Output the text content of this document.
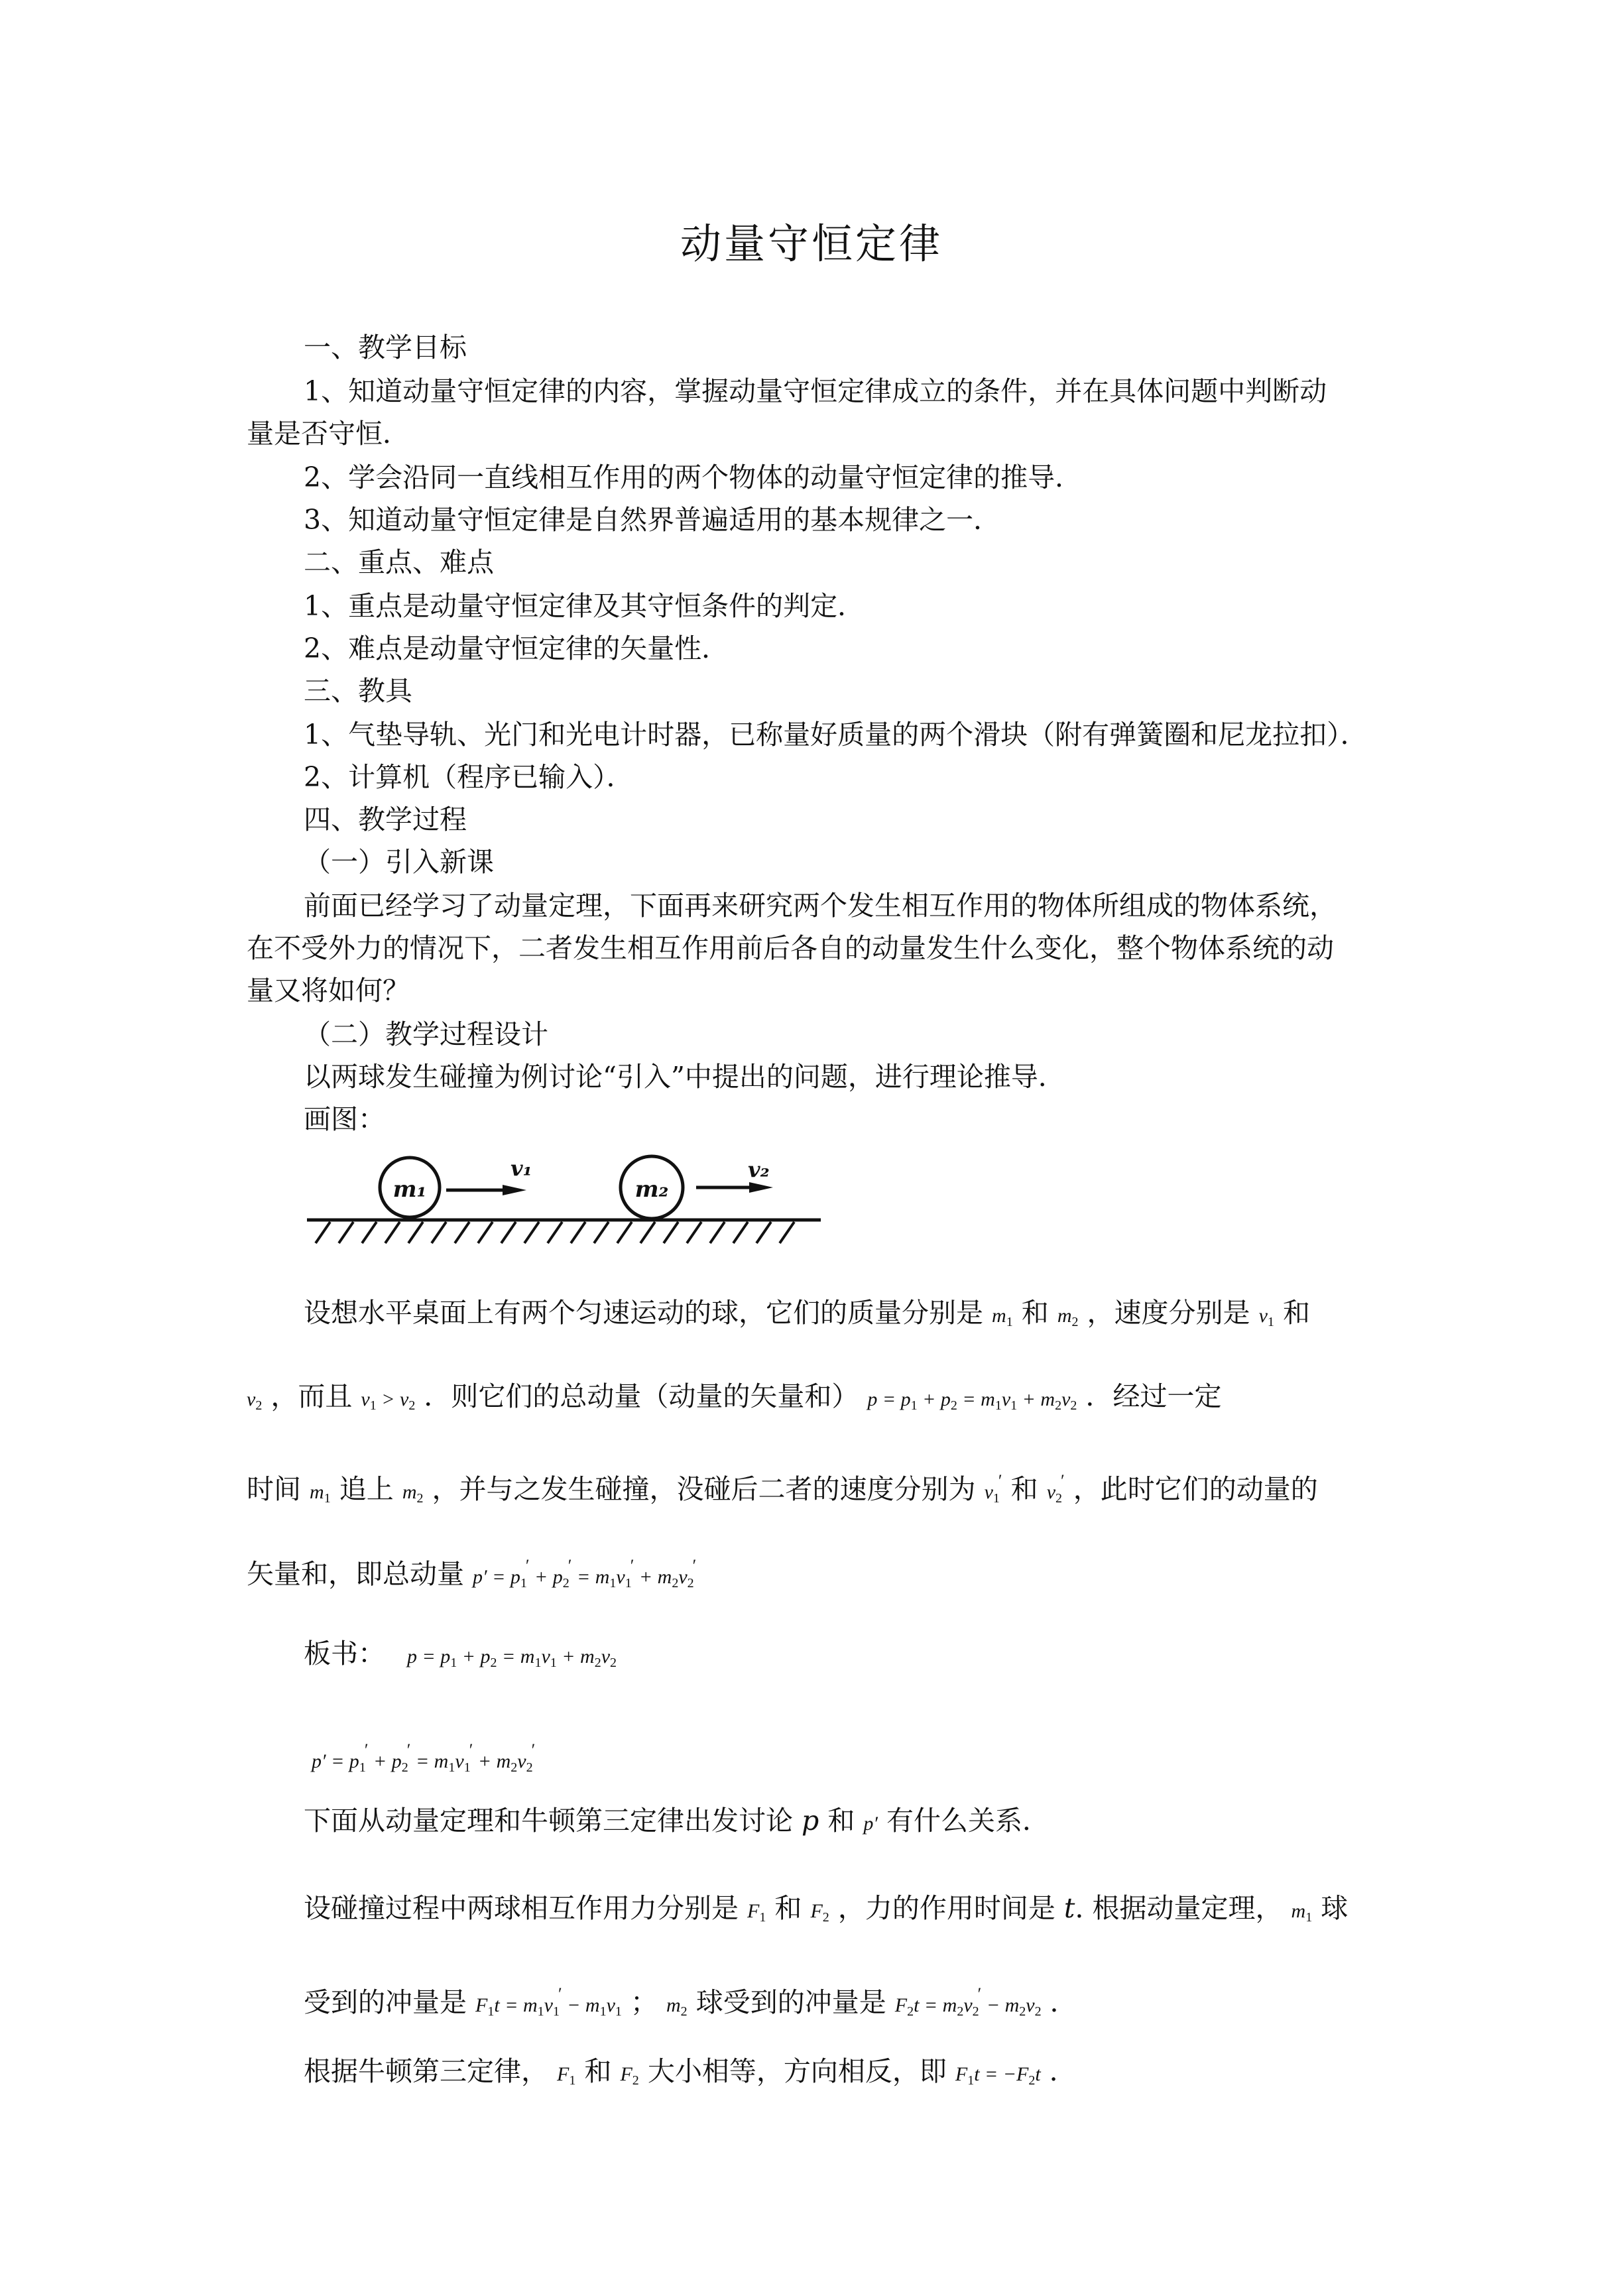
动量守恒定律
一、教学目标
1、知道动量守恒定律的内容，掌握动量守恒定律成立的条件，并在具体问题中判断动
量是否守恒．
2、学会沿同一直线相互作用的两个物体的动量守恒定律的推导．
3、知道动量守恒定律是自然界普遍适用的基本规律之一．
二、重点、难点
1、重点是动量守恒定律及其守恒条件的判定．
2、难点是动量守恒定律的矢量性．
三、教具
1、气垫导轨、光门和光电计时器，已称量好质量的两个滑块（附有弹簧圈和尼龙拉扣）．
2、计算机（程序已输入）．
四、教学过程
（一）引入新课
前面已经学习了动量定理，下面再来研究两个发生相互作用的物体所组成的物体系统，
在不受外力的情况下，二者发生相互作用前后各自的动量发生什么变化，整个物体系统的动
量又将如何？
（二）教学过程设计
以两球发生碰撞为例讨论“引入”中提出的问题，进行理论推导．
画图：
m₁
v₁
m₂
v₂
设想水平桌面上有两个匀速运动的球，它们的质量分别是 $m_1$ 和 $m_2$ ，速度分别是 $v_1$ 和
$v_2$ ，而且 $v_1 > v_2$ ．则它们的总动量（动量的矢量和） $p = p_1 + p_2 = m_1v_1 + m_2v_2$ ．经过一定
时间 $m_1$ 追上 $m_2$ ，并与之发生碰撞，没碰后二者的速度分别为 $v_1'$ 和 $v_2'$ ，此时它们的动量的
矢量和，即总动量 $p' = p_1' + p_2' = m_1v_1' + m_2v_2'$
板书： $p = p_1 + p_2 = m_1v_1 + m_2v_2$
$p' = p_1' + p_2' = m_1v_1' + m_2v_2'$
下面从动量定理和牛顿第三定律出发讨论 p 和 p′ 有什么关系．
设碰撞过程中两球相互作用力分别是 $F_1$ 和 $F_2$ ，力的作用时间是 t. 根据动量定理， $m_1$ 球
受到的冲量是 $F_1t = m_1v_1' - m_1v_1$ ； $m_2$ 球受到的冲量是 $F_2t = m_2v_2' - m_2v_2$ ．
根据牛顿第三定律， $F_1$ 和 $F_2$ 大小相等，方向相反，即 $F_1t = -F_2t$ ．
